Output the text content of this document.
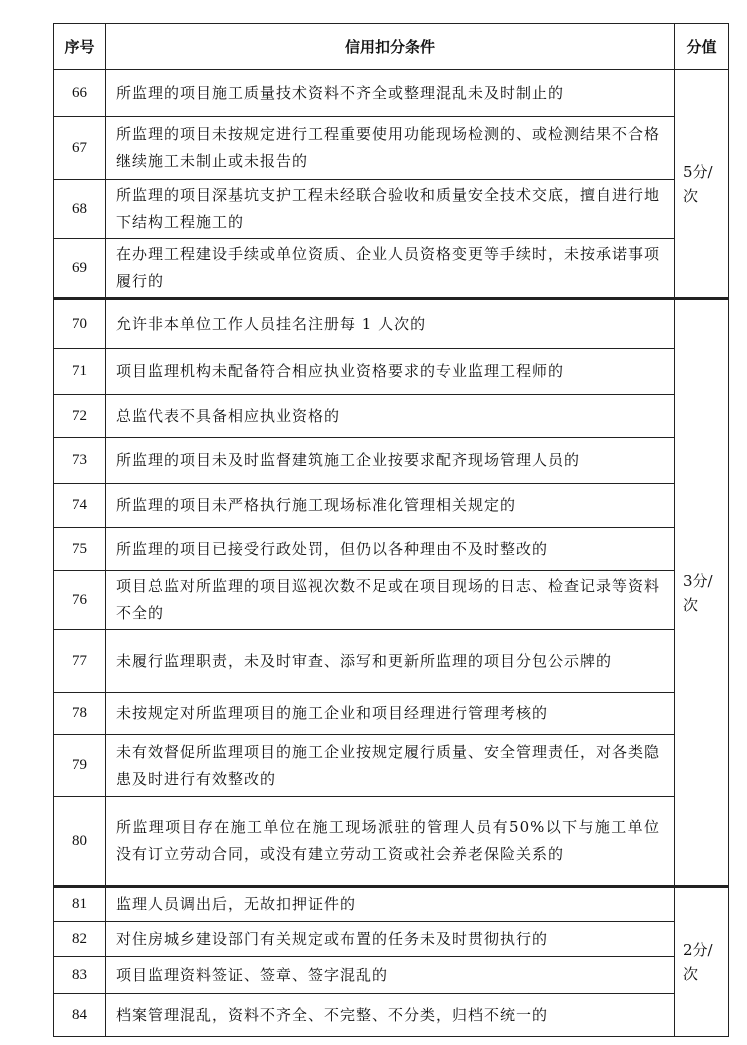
序号	信用扣分条件	分值
66	所监理的项目施工质量技术资料不齐全或整理混乱未及时制止的	5分/次
67	所监理的项目未按规定进行工程重要使用功能现场检测的、或检测结果不合格继续施工未制止或未报告的	
68	所监理的项目深基坑支护工程未经联合验收和质量安全技术交底，擅自进行地下结构工程施工的	
69	在办理工程建设手续或单位资质、企业人员资格变更等手续时，未按承诺事项履行的	
70	允许非本单位工作人员挂名注册每 1 人次的	3分/次
71	项目监理机构未配备符合相应执业资格要求的专业监理工程师的	
72	总监代表不具备相应执业资格的	
73	所监理的项目未及时监督建筑施工企业按要求配齐现场管理人员的	
74	所监理的项目未严格执行施工现场标准化管理相关规定的	
75	所监理的项目已接受行政处罚，但仍以各种理由不及时整改的	
76	项目总监对所监理的项目巡视次数不足或在项目现场的日志、检查记录等资料不全的	
77	未履行监理职责，未及时审查、添写和更新所监理的项目分包公示牌的	
78	未按规定对所监理项目的施工企业和项目经理进行管理考核的	
79	未有效督促所监理项目的施工企业按规定履行质量、安全管理责任，对各类隐患及时进行有效整改的	
80	所监理项目存在施工单位在施工现场派驻的管理人员有50%以下与施工单位没有订立劳动合同，或没有建立劳动工资或社会养老保险关系的	
81	监理人员调出后，无故扣押证件的	2分/次
82	对住房城乡建设部门有关规定或布置的任务未及时贯彻执行的	
83	项目监理资料签证、签章、签字混乱的	
84	档案管理混乱，资料不齐全、不完整、不分类，归档不统一的	
